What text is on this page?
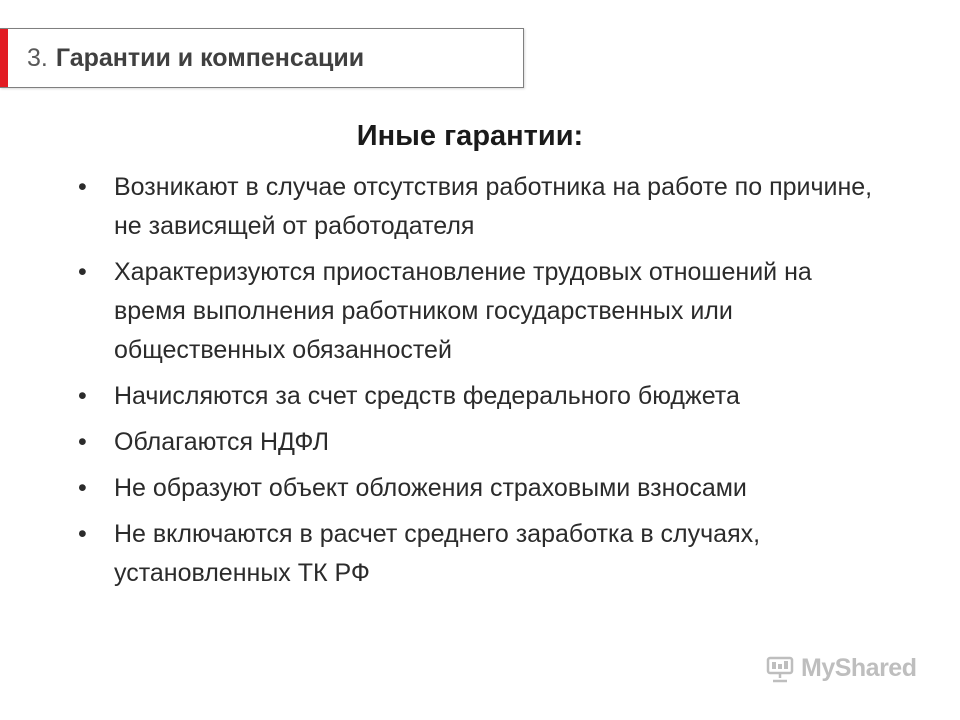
3. Гарантии и компенсации
Иные гарантии:
• Возникают в случае отсутствия работника на работе по причине, не зависящей от работодателя
• Характеризуются приостановление трудовых отношений на время выполнения работником государственных или общественных обязанностей
• Начисляются за счет средств федерального бюджета
• Облагаются НДФЛ
• Не образуют объект обложения страховыми взносами
• Не включаются в расчет среднего заработка в случаях, установленных ТК РФ
MyShared
